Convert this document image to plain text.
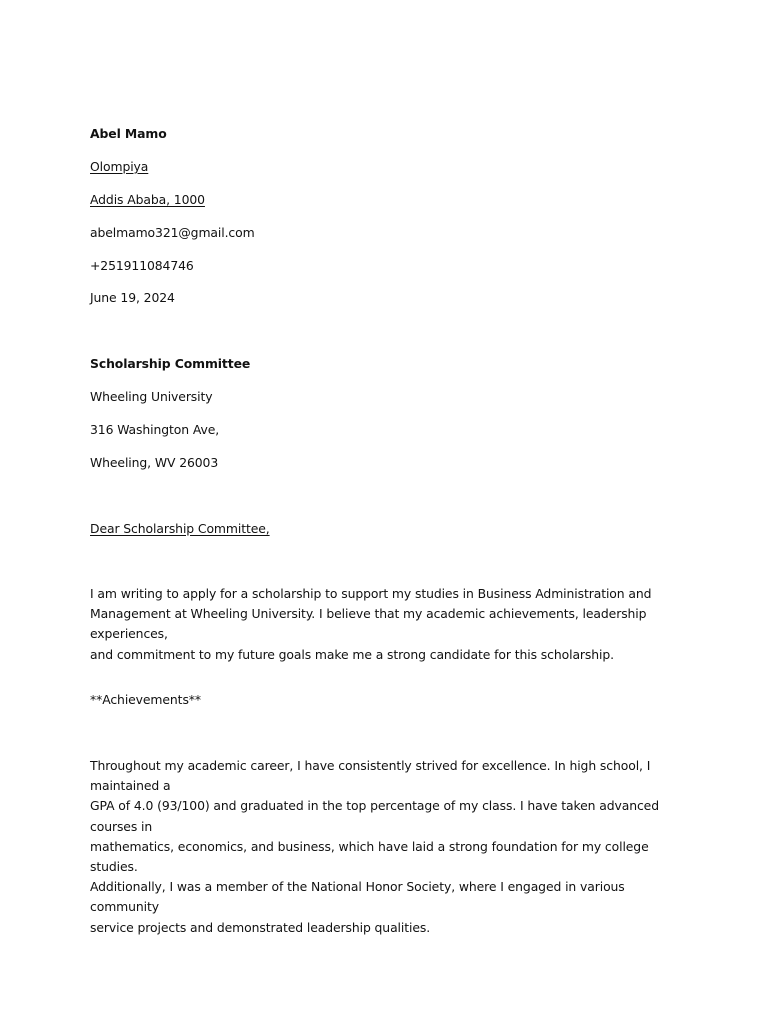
Abel Mamo
Olompiya
Addis Ababa, 1000
abelmamo321@gmail.com
+251911084746
June 19, 2024
Scholarship Committee
Wheeling University
316 Washington Ave,
Wheeling, WV 26003
Dear Scholarship Committee,
I am writing to apply for a scholarship to support my studies in Business Administration and
Management at Wheeling University. I believe that my academic achievements, leadership experiences,
and commitment to my future goals make me a strong candidate for this scholarship.
**Achievements**
Throughout my academic career, I have consistently strived for excellence. In high school, I maintained a
GPA of 4.0 (93/100) and graduated in the top percentage of my class. I have taken advanced courses in
mathematics, economics, and business, which have laid a strong foundation for my college studies.
Additionally, I was a member of the National Honor Society, where I engaged in various community
service projects and demonstrated leadership qualities.
